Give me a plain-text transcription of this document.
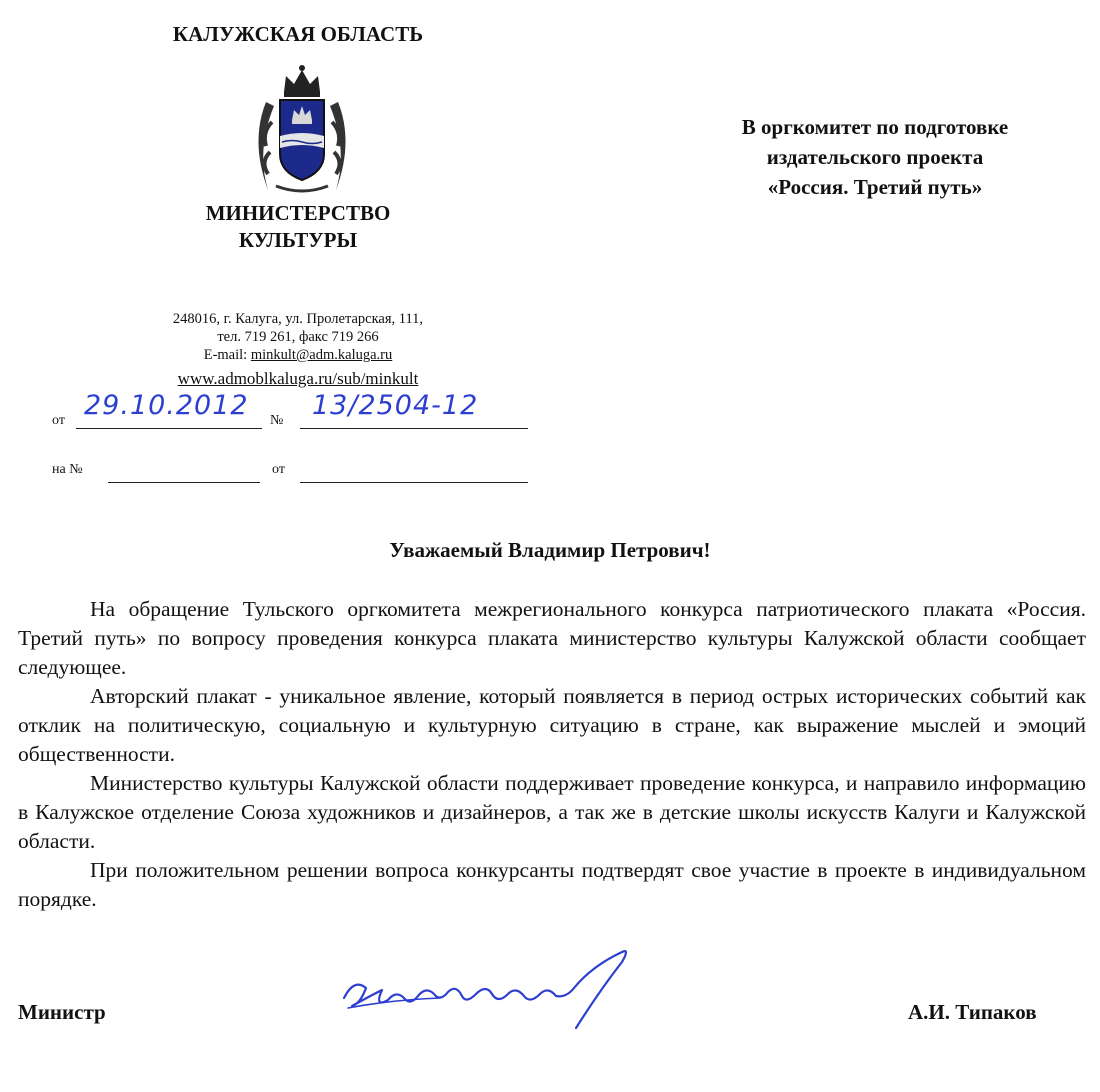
КАЛУЖСКАЯ ОБЛАСТЬ
МИНИСТЕРСТВО
КУЛЬТУРЫ
248016, г. Калуга, ул. Пролетарская, 111,
тел. 719 261, факс 719 266
E-mail: minkult@adm.kaluga.ru
www.admoblkaluga.ru/sub/minkult
В оргкомитет по подготовке
издательского проекта
«Россия. Третий путь»
от 29.10.2012 № 13/2504-12
на №	от
Уважаемый Владимир Петрович!

На обращение Тульского оргкомитета межрегионального конкурса патриотического плаката «Россия. Третий путь» по вопросу проведения конкурса плаката министерство культуры Калужской области сообщает следующее.

Авторский плакат - уникальное явление, который появляется в период острых исторических событий как отклик на политическую, социальную и культурную ситуацию в стране, как выражение мыслей и эмоций общественности.

Министерство культуры Калужской области поддерживает проведение конкурса, и направило информацию в Калужское отделение Союза художников и дизайнеров, а так же в детские школы искусств Калуги и Калужской области.

При положительном решении вопроса конкурсанты подтвердят свое участие в проекте в индивидуальном порядке.

Министр	А.И. Типаков
